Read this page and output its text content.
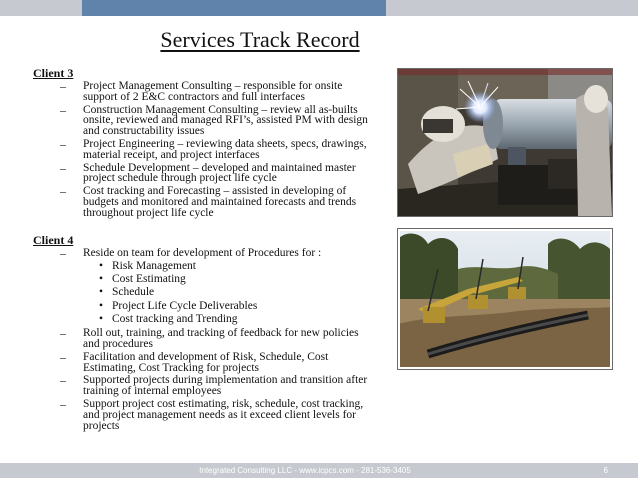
Services Track Record
Client 3
– Project Management Consulting – responsible for onsite support of 2 E&C contractors and full interfaces
– Construction Management Consulting – review all as-builts onsite, reviewed and managed RFI’s, assisted PM with design and constructability issues
– Project Engineering – reviewing data sheets, specs, drawings, material receipt, and project interfaces
– Schedule Development – developed and maintained master project schedule through project life cycle
– Cost tracking and Forecasting – assisted in developing of budgets and monitored and maintained forecasts and trends throughout project life cycle
Client 4
– Reside on team for development of Procedures for :
• Risk Management
• Cost Estimating
• Schedule
• Project Life Cycle Deliverables
• Cost tracking and Trending
– Roll out, training, and tracking of feedback for new policies and procedures
– Facilitation and development of Risk, Schedule, Cost Estimating, Cost Tracking for projects
– Supported projects during implementation and transition after training of internal employees
– Support project cost estimating, risk, schedule, cost tracking, and project management needs as it exceed client levels for projects
Integrated Consulting LLC - www.icpcs.com - 281-536-3405	6
